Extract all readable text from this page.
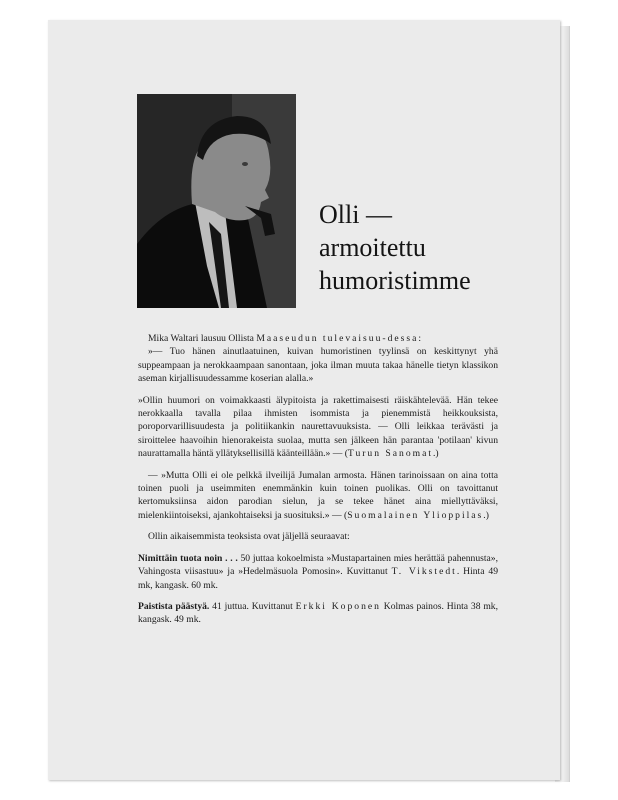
Olli —
armoitettu
humoristimme

Mika Waltari lausuu Ollista Maaseudun tulevaisuu-dessa:
»— Tuo hänen ainutlaatuinen, kuivan humoristinen tyylinsä on keskittynyt yhä suppeampaan ja nerokkaampaan sanontaan, joka ilman muuta takaa hänelle tietyn klassikon aseman kirjallisuudessamme koserian alalla.»

»Ollin huumori on voimakkaasti älypitoista ja rakettimaisesti räiskähtelevää. Hän tekee nerokkaalla tavalla pilaa ihmisten isommista ja pienemmistä heikkouksista, poroporvarillisuudesta ja politiikankin naurettavuuksista. — Olli leikkaa terävästi ja siroittelee haavoihin hienorakeista suolaa, mutta sen jälkeen hän parantaa 'potilaan' kivun naurattamalla häntä yllätyksellisillä käänteillään.» — (Turun Sanomat.)

— »Mutta Olli ei ole pelkkä ilveilijä Jumalan armosta. Hänen tarinoissaan on aina totta toinen puoli ja useimmiten enemmänkin kuin toinen puolikas. Olli on tavoittanut kertomuksiinsa aidon parodian sielun, ja se tekee hänet aina miellyttäväksi, mielenkiintoiseksi, ajankohtaiseksi ja suosituksi.» — (Suomalainen Ylioppilas.)

Ollin aikaisemmista teoksista ovat jäljellä seuraavat:

Nimittäin tuota noin . . . 50 juttaa kokoelmista »Mustapartainen mies herättää pahennusta», Vahingosta viisastuu» ja »Hedelmäsuola Pomosin». Kuvittanut T. Vikstedt. Hinta 49 mk, kangask. 60 mk.

Paistista päästyä. 41 juttua. Kuvittanut Erkki Koponen Kolmas painos. Hinta 38 mk, kangask. 49 mk.
